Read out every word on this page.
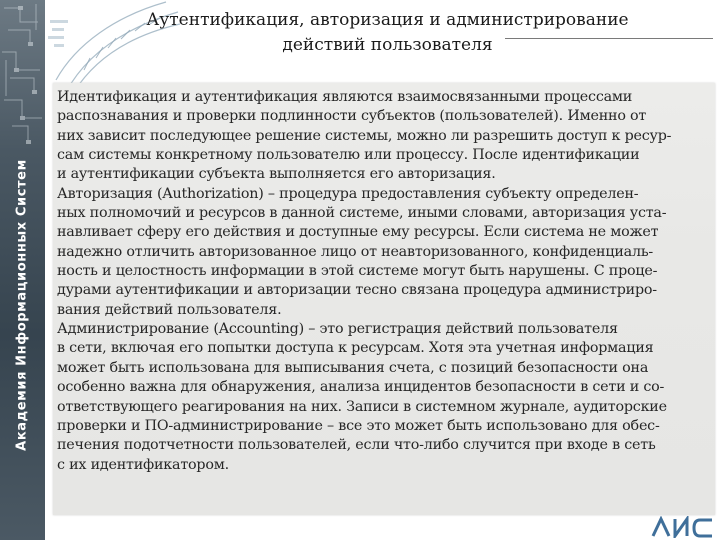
Академия Информационных Систем
Аутентификация, авторизация и администрирование
действий пользователя
Идентификация и аутентификация являются взаимосвязанными процессами
распознавания и проверки подлинности субъектов (пользователей). Именно от
них зависит последующее решение системы, можно ли разрешить доступ к ресур-
сам системы конкретному пользователю или процессу. После идентификации
и аутентификации субъекта выполняется его авторизация.
Авторизация (Authorization) – процедура предоставления субъекту определен-
ных полномочий и ресурсов в данной системе, иными словами, авторизация уста-
навливает сферу его действия и доступные ему ресурсы. Если система не может
надежно отличить авторизованное лицо от неавторизованного, конфиденциаль-
ность и целостность информации в этой системе могут быть нарушены. С проце-
дурами аутентификации и авторизации тесно связана процедура администриро-
вания действий пользователя.
Администрирование (Accounting) – это регистрация действий пользователя
в сети, включая его попытки доступа к ресурсам. Хотя эта учетная информация
может быть использована для выписывания счета, с позиций безопасности она
особенно важна для обнаружения, анализа инцидентов безопасности в сети и со-
ответствующего реагирования на них. Записи в системном журнале, аудиторские
проверки и ПО-администрирование – все это может быть использовано для обес-
печения подотчетности пользователей, если что-либо случится при входе в сеть
с их идентификатором.
